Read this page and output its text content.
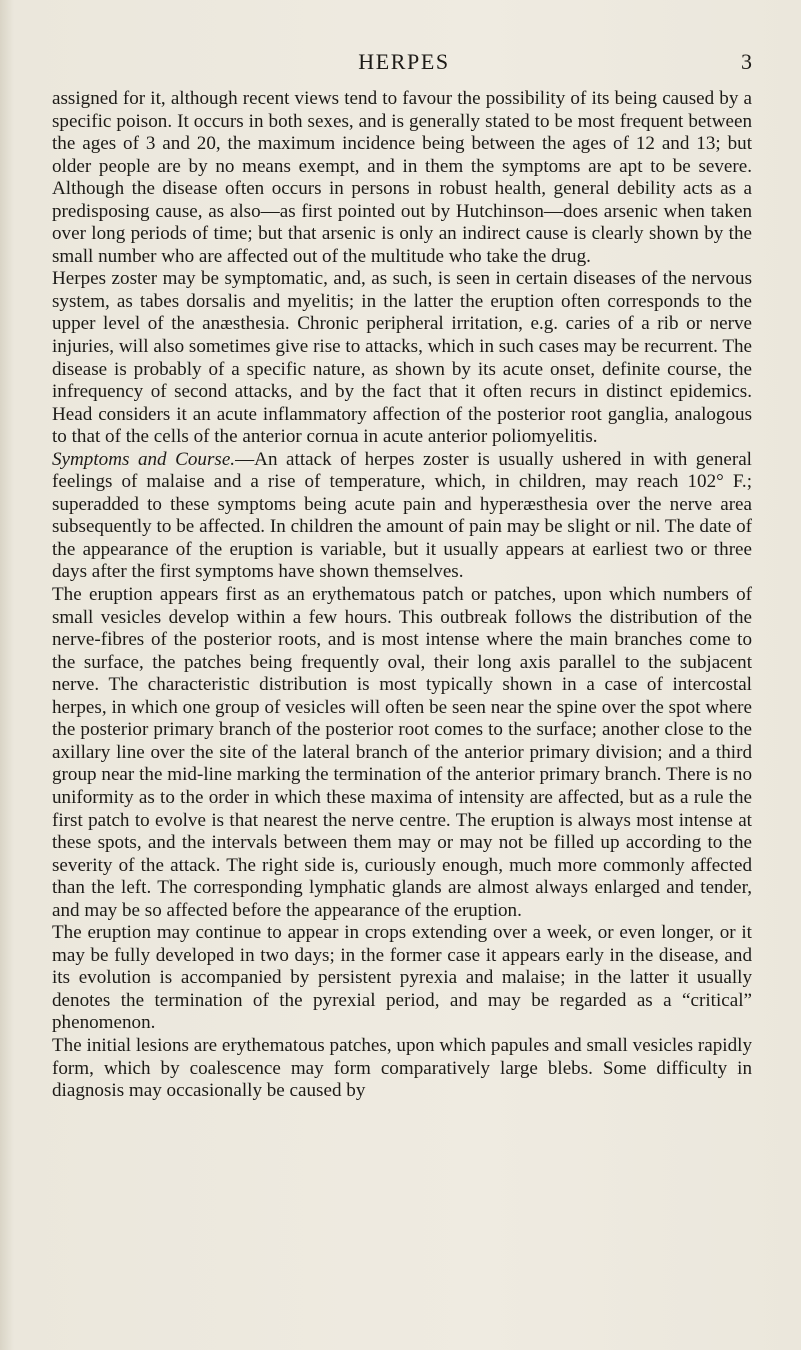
HERPES	3

assigned for it, although recent views tend to favour the possibility of its being caused by a specific poison. It occurs in both sexes, and is generally stated to be most frequent between the ages of 3 and 20, the maximum incidence being between the ages of 12 and 13; but older people are by no means exempt, and in them the symptoms are apt to be severe. Although the disease often occurs in persons in robust health, general debility acts as a predisposing cause, as also—as first pointed out by Hutchinson—does arsenic when taken over long periods of time; but that arsenic is only an indirect cause is clearly shown by the small number who are affected out of the multitude who take the drug.

Herpes zoster may be symptomatic, and, as such, is seen in certain diseases of the nervous system, as tabes dorsalis and myelitis; in the latter the eruption often corresponds to the upper level of the anæsthesia. Chronic peripheral irritation, e.g. caries of a rib or nerve injuries, will also sometimes give rise to attacks, which in such cases may be recurrent. The disease is probably of a specific nature, as shown by its acute onset, definite course, the infrequency of second attacks, and by the fact that it often recurs in distinct epidemics. Head considers it an acute inflammatory affection of the posterior root ganglia, analogous to that of the cells of the anterior cornua in acute anterior poliomyelitis.

Symptoms and Course.—An attack of herpes zoster is usually ushered in with general feelings of malaise and a rise of temperature, which, in children, may reach 102° F.; superadded to these symptoms being acute pain and hyperæsthesia over the nerve area subsequently to be affected. In children the amount of pain may be slight or nil. The date of the appearance of the eruption is variable, but it usually appears at earliest two or three days after the first symptoms have shown themselves.

The eruption appears first as an erythematous patch or patches, upon which numbers of small vesicles develop within a few hours. This outbreak follows the distribution of the nerve-fibres of the posterior roots, and is most intense where the main branches come to the surface, the patches being frequently oval, their long axis parallel to the subjacent nerve. The characteristic distribution is most typically shown in a case of intercostal herpes, in which one group of vesicles will often be seen near the spine over the spot where the posterior primary branch of the posterior root comes to the surface; another close to the axillary line over the site of the lateral branch of the anterior primary division; and a third group near the mid-line marking the termination of the anterior primary branch. There is no uniformity as to the order in which these maxima of intensity are affected, but as a rule the first patch to evolve is that nearest the nerve centre. The eruption is always most intense at these spots, and the intervals between them may or may not be filled up according to the severity of the attack. The right side is, curiously enough, much more commonly affected than the left. The corresponding lymphatic glands are almost always enlarged and tender, and may be so affected before the appearance of the eruption.

The eruption may continue to appear in crops extending over a week, or even longer, or it may be fully developed in two days; in the former case it appears early in the disease, and its evolution is accompanied by persistent pyrexia and malaise; in the latter it usually denotes the termination of the pyrexial period, and may be regarded as a “critical” phenomenon.

The initial lesions are erythematous patches, upon which papules and small vesicles rapidly form, which by coalescence may form comparatively large blebs. Some difficulty in diagnosis may occasionally be caused by
